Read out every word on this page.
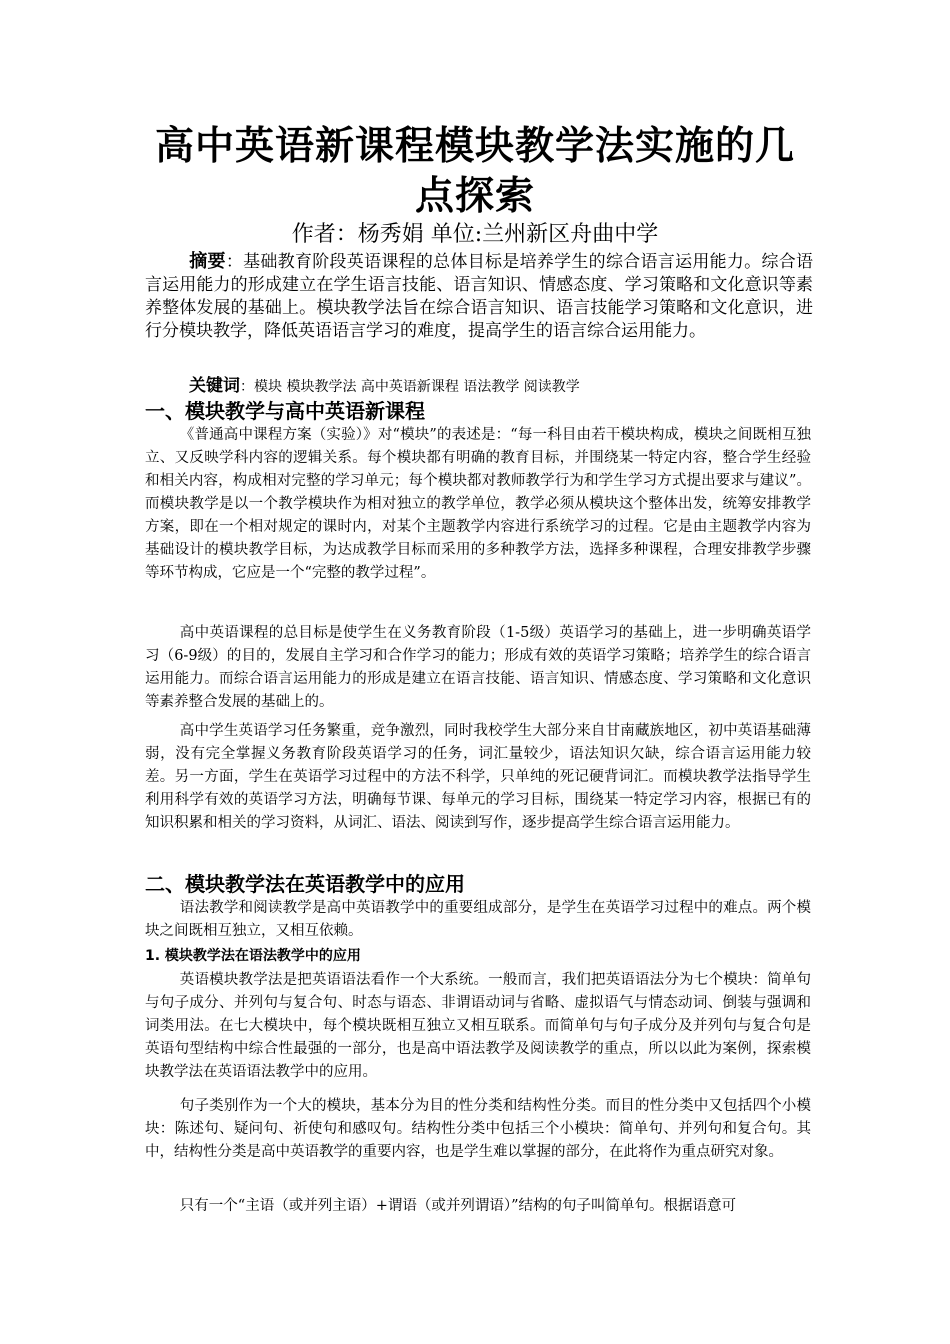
高中英语新课程模块教学法实施的几点探索
作者：杨秀娟 单位:兰州新区舟曲中学
摘要：基础教育阶段英语课程的总体目标是培养学生的综合语言运用能力。综合语言运用能力的形成建立在学生语言技能、语言知识、情感态度、学习策略和文化意识等素养整体发展的基础上。模块教学法旨在综合语言知识、语言技能学习策略和文化意识，进行分模块教学，降低英语语言学习的难度，提高学生的语言综合运用能力。
关键词：模块 模块教学法 高中英语新课程 语法教学 阅读教学
一、模块教学与高中英语新课程
《普通高中课程方案（实验）》对“模块”的表述是：“每一科目由若干模块构成，模块之间既相互独立、又反映学科内容的逻辑关系。每个模块都有明确的教育目标，并围绕某一特定内容，整合学生经验和相关内容，构成相对完整的学习单元；每个模块都对教师教学行为和学生学习方式提出要求与建议”。而模块教学是以一个教学模块作为相对独立的教学单位，教学必须从模块这个整体出发，统筹安排教学方案，即在一个相对规定的课时内，对某个主题教学内容进行系统学习的过程。它是由主题教学内容为基础设计的模块教学目标，为达成教学目标而采用的多种教学方法，选择多种课程，合理安排教学步骤等环节构成，它应是一个“完整的教学过程”。
高中英语课程的总目标是使学生在义务教育阶段（1-5级）英语学习的基础上，进一步明确英语学习（6-9级）的目的，发展自主学习和合作学习的能力；形成有效的英语学习策略；培养学生的综合语言运用能力。而综合语言运用能力的形成是建立在语言技能、语言知识、情感态度、学习策略和文化意识等素养整合发展的基础上的。
高中学生英语学习任务繁重，竞争激烈，同时我校学生大部分来自甘南藏族地区，初中英语基础薄弱，没有完全掌握义务教育阶段英语学习的任务，词汇量较少，语法知识欠缺，综合语言运用能力较差。另一方面，学生在英语学习过程中的方法不科学，只单纯的死记硬背词汇。而模块教学法指导学生利用科学有效的英语学习方法，明确每节课、每单元的学习目标，围绕某一特定学习内容，根据已有的知识积累和相关的学习资料，从词汇、语法、阅读到写作，逐步提高学生综合语言运用能力。
二、模块教学法在英语教学中的应用
语法教学和阅读教学是高中英语教学中的重要组成部分，是学生在英语学习过程中的难点。两个模块之间既相互独立，又相互依赖。
1. 模块教学法在语法教学中的应用
英语模块教学法是把英语语法看作一个大系统。一般而言，我们把英语语法分为七个模块：简单句与句子成分、并列句与复合句、时态与语态、非谓语动词与省略、虚拟语气与情态动词、倒装与强调和词类用法。在七大模块中，每个模块既相互独立又相互联系。而简单句与句子成分及并列句与复合句是英语句型结构中综合性最强的一部分，也是高中语法教学及阅读教学的重点，所以以此为案例，探索模块教学法在英语语法教学中的应用。
句子类别作为一个大的模块，基本分为目的性分类和结构性分类。而目的性分类中又包括四个小模块：陈述句、疑问句、祈使句和感叹句。结构性分类中包括三个小模块：简单句、并列句和复合句。其中，结构性分类是高中英语教学的重要内容，也是学生难以掌握的部分，在此将作为重点研究对象。
只有一个“主语（或并列主语）+谓语（或并列谓语）”结构的句子叫简单句。根据语意可
